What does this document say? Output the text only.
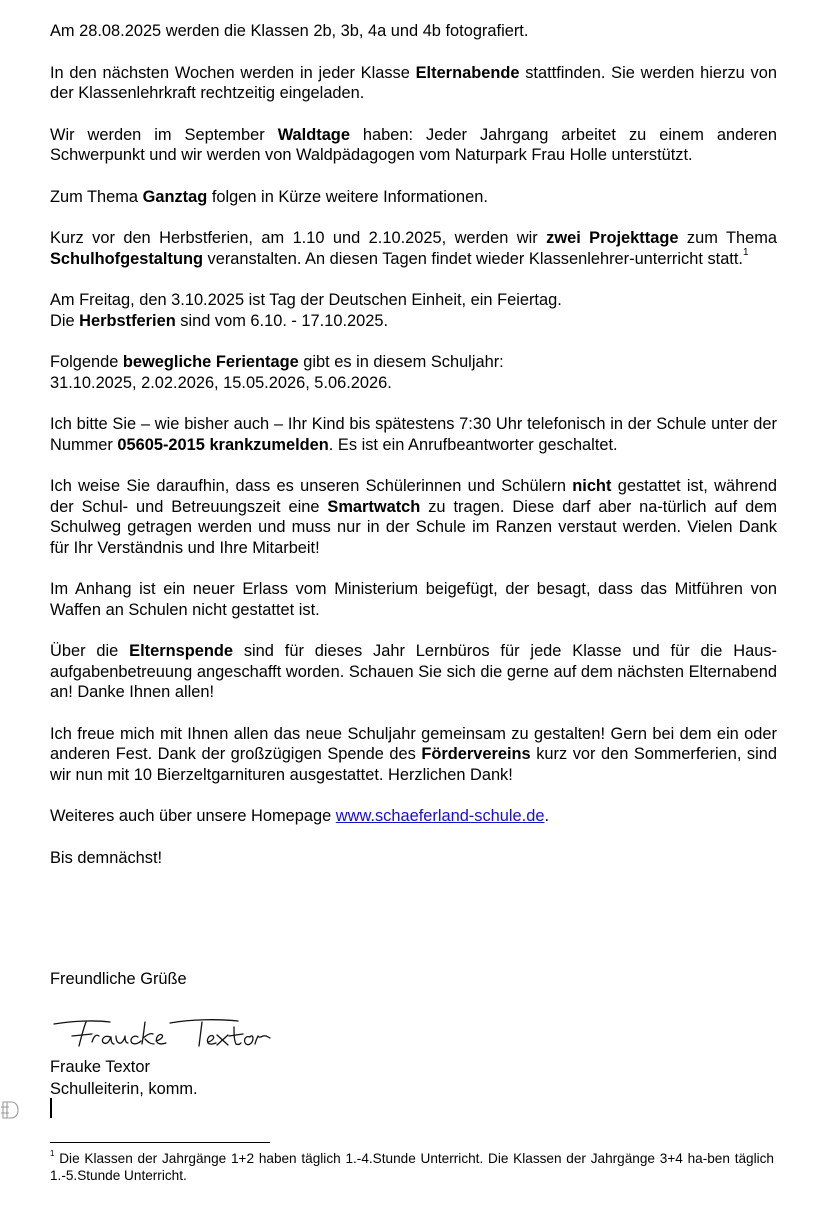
Am 28.08.2025 werden die Klassen 2b, 3b, 4a und 4b fotografiert.

In den nächsten Wochen werden in jeder Klasse Elternabende stattfinden. Sie werden hierzu von der Klassenlehrkraft rechtzeitig eingeladen.

Wir werden im September Waldtage haben: Jeder Jahrgang arbeitet zu einem anderen Schwerpunkt und wir werden von Waldpädagogen vom Naturpark Frau Holle unterstützt.

Zum Thema Ganztag folgen in Kürze weitere Informationen.

Kurz vor den Herbstferien, am 1.10 und 2.10.2025, werden wir zwei Projekttage zum Thema Schulhofgestaltung veranstalten. An diesen Tagen findet wieder Klassenlehrer-unterricht statt.$^1$

Am Freitag, den 3.10.2025 ist Tag der Deutschen Einheit, ein Feiertag.
Die Herbstferien sind vom 6.10. - 17.10.2025.

Folgende bewegliche Ferientage gibt es in diesem Schuljahr:
31.10.2025, 2.02.2026, 15.05.2026, 5.06.2026.

Ich bitte Sie – wie bisher auch – Ihr Kind bis spätestens 7:30 Uhr telefonisch in der Schule unter der Nummer 05605-2015 krankzumelden. Es ist ein Anrufbeantworter geschaltet.

Ich weise Sie daraufhin, dass es unseren Schülerinnen und Schülern nicht gestattet ist, während der Schul- und Betreuungszeit eine Smartwatch zu tragen. Diese darf aber na-türlich auf dem Schulweg getragen werden und muss nur in der Schule im Ranzen verstaut werden. Vielen Dank für Ihr Verständnis und Ihre Mitarbeit!

Im Anhang ist ein neuer Erlass vom Ministerium beigefügt, der besagt, dass das Mitführen von Waffen an Schulen nicht gestattet ist.

Über die Elternspende sind für dieses Jahr Lernbüros für jede Klasse und für die Haus-aufgabenbetreuung angeschafft worden. Schauen Sie sich die gerne auf dem nächsten Elternabend an! Danke Ihnen allen!

Ich freue mich mit Ihnen allen das neue Schuljahr gemeinsam zu gestalten! Gern bei dem ein oder anderen Fest. Dank der großzügigen Spende des Fördervereins kurz vor den Sommerferien, sind wir nun mit 10 Bierzeltgarnituren ausgestattet. Herzlichen Dank!

Weiteres auch über unsere Homepage www.schaeferland-schule.de.

Bis demnächst!

Freundliche Grüße
Frauke Textor
Schulleiterin, komm.
$^1$ Die Klassen der Jahrgänge 1+2 haben täglich 1.-4.Stunde Unterricht. Die Klassen der Jahrgänge 3+4 ha-ben täglich 1.-5.Stunde Unterricht.
